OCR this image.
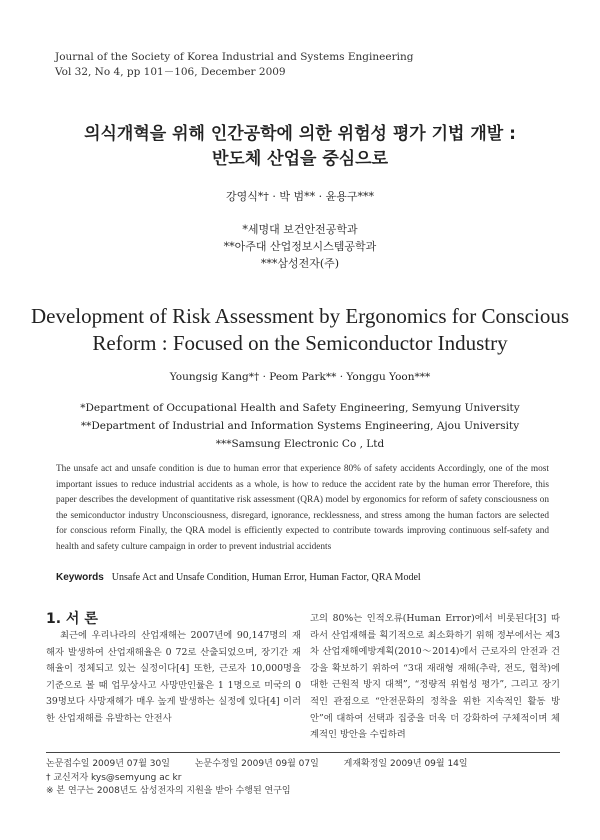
Journal of the Society of Korea Industrial and Systems Engineering
Vol 32, No 4, pp 101－106, December 2009
의식개혁을 위해 인간공학에 의한 위험성 평가 기법 개발 :
반도체 산업을 중심으로
강영식*† · 박 범** · 윤용구***
*세명대 보건안전공학과
**아주대 산업정보시스템공학과
***삼성전자(주)
Development of Risk Assessment by Ergonomics for Conscious
Reform : Focused on the Semiconductor Industry
Youngsig Kang*† · Peom Park** · Yonggu Yoon***
*Department of Occupational Health and Safety Engineering, Semyung University
**Department of Industrial and Information Systems Engineering, Ajou University
***Samsung Electronic Co , Ltd
The unsafe act and unsafe condition is due to human error that experience 80% of safety accidents Accordingly, one of the most important issues to reduce industrial accidents as a whole, is how to reduce the accident rate by the human error Therefore, this paper describes the development of quantitative risk assessment (QRA) model by ergonomics for reform of safety consciousness on the semiconductor industry Unconsciousness, disregard, ignorance, recklessness, and stress among the human factors are selected for conscious reform Finally, the QRA model is efficiently expected to contribute towards improving continuous self-safety and health and safety culture campaign in order to prevent industrial accidents
Keywords Unsafe Act and Unsafe Condition, Human Error, Human Factor, QRA Model
1. 서 론
최근에 우리나라의 산업재해는 2007년에 90,147명의 재해자 발생하여 산업재해율은 0 72로 산출되었으며, 장기간 재해율이 정체되고 있는 실정이다[4] 또한, 근로자 10,000명을 기준으로 볼 때 업무상사고 사망만인률은 1 1명으로 미국의 0 39명보다 사망재해가 매우 높게 발생하는 실정에 있다[4] 이러한 산업재해를 유발하는 안전사
고의 80%는 인적오류(Human Error)에서 비롯된다[3] 따라서 산업재해를 획기적으로 최소화하기 위해 정부에서는 제3차 산업재해예방계획(2010～2014)에서 근로자의 안전과 건강을 확보하기 위하여 “3대 재래형 재해(추락, 전도, 협착)에 대한 근원적 방지 대책”, “정량적 위험성 평가”, 그리고 장기적인 관점으로 “안전문화의 정착을 위한 지속적인 활동 방안”에 대하여 선택과 집중을 더욱 더 강화하여 구체적이며 체계적인 방안을 수립하려
논문접수일 2009년 07월 30일	논문수정일 2009년 09월 07일	게재확정일 2009년 09월 14일
† 교신저자 kys@semyung ac kr
※ 본 연구는 2008년도 삼성전자의 지원을 받아 수행된 연구임
